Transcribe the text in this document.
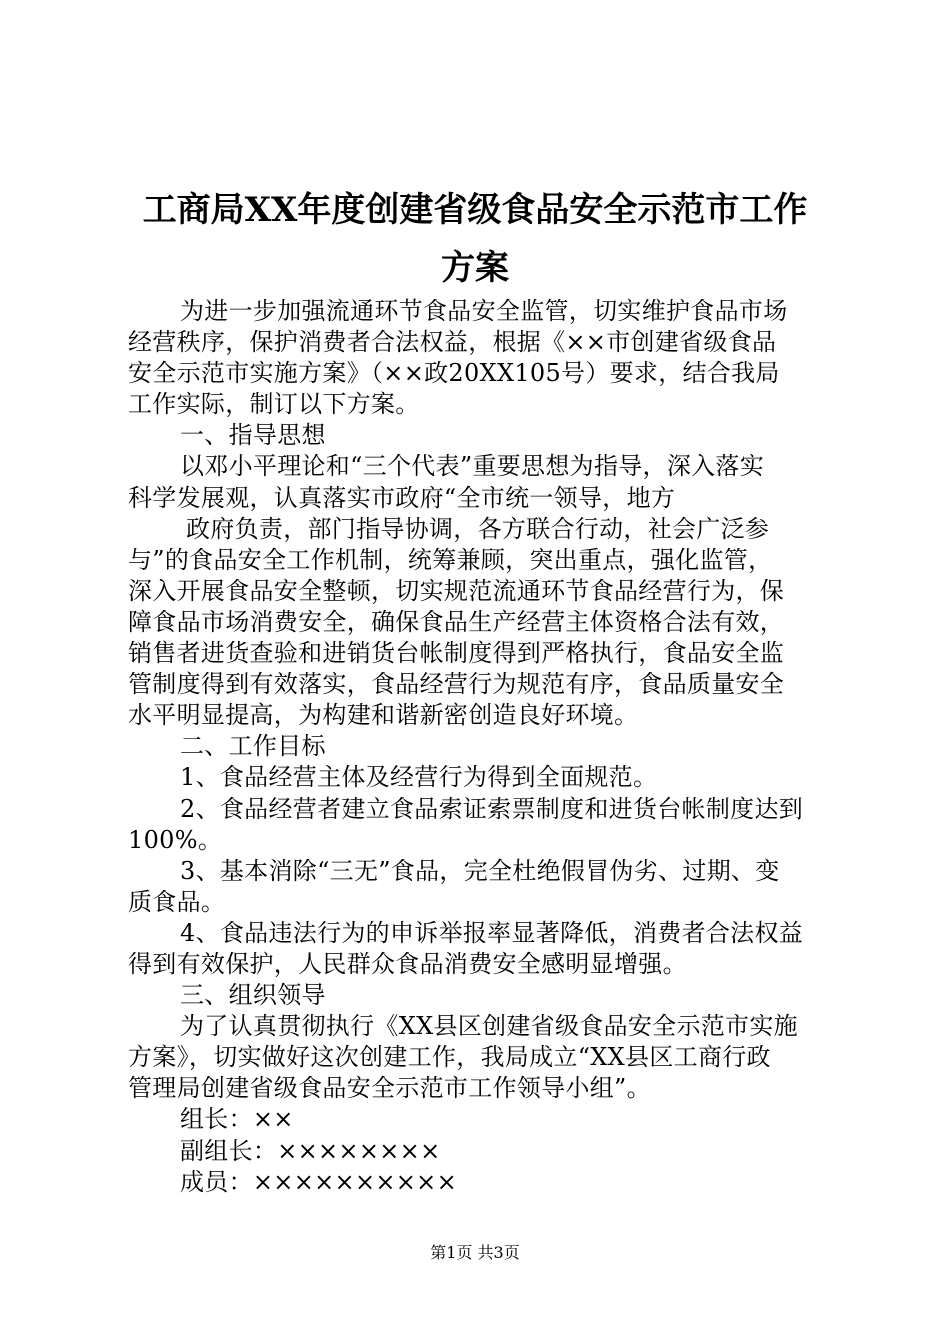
工商局XX年度创建省级食品安全示范市工作
方案
为进一步加强流通环节食品安全监管，切实维护食品市场
经营秩序，保护消费者合法权益，根据《××市创建省级食品
安全示范市实施方案》（××政20XX105号）要求，结合我局
工作实际，制订以下方案。
一、指导思想
以邓小平理论和“三个代表”重要思想为指导，深入落实
科学发展观，认真落实市政府“全市统一领导，地方
政府负责，部门指导协调，各方联合行动，社会广泛参
与”的食品安全工作机制，统筹兼顾，突出重点，强化监管，
深入开展食品安全整顿，切实规范流通环节食品经营行为，保
障食品市场消费安全，确保食品生产经营主体资格合法有效，
销售者进货查验和进销货台帐制度得到严格执行，食品安全监
管制度得到有效落实，食品经营行为规范有序，食品质量安全
水平明显提高，为构建和谐新密创造良好环境。
二、工作目标
1、食品经营主体及经营行为得到全面规范。
2、食品经营者建立食品索证索票制度和进货台帐制度达到
100%。
3、基本消除“三无”食品，完全杜绝假冒伪劣、过期、变
质食品。
4、食品违法行为的申诉举报率显著降低，消费者合法权益
得到有效保护，人民群众食品消费安全感明显增强。
三、组织领导
为了认真贯彻执行《XX县区创建省级食品安全示范市实施
方案》，切实做好这次创建工作，我局成立“XX县区工商行政
管理局创建省级食品安全示范市工作领导小组”。
组长：××
副组长：××××××××
成员：××××××××××
第1页 共3页
